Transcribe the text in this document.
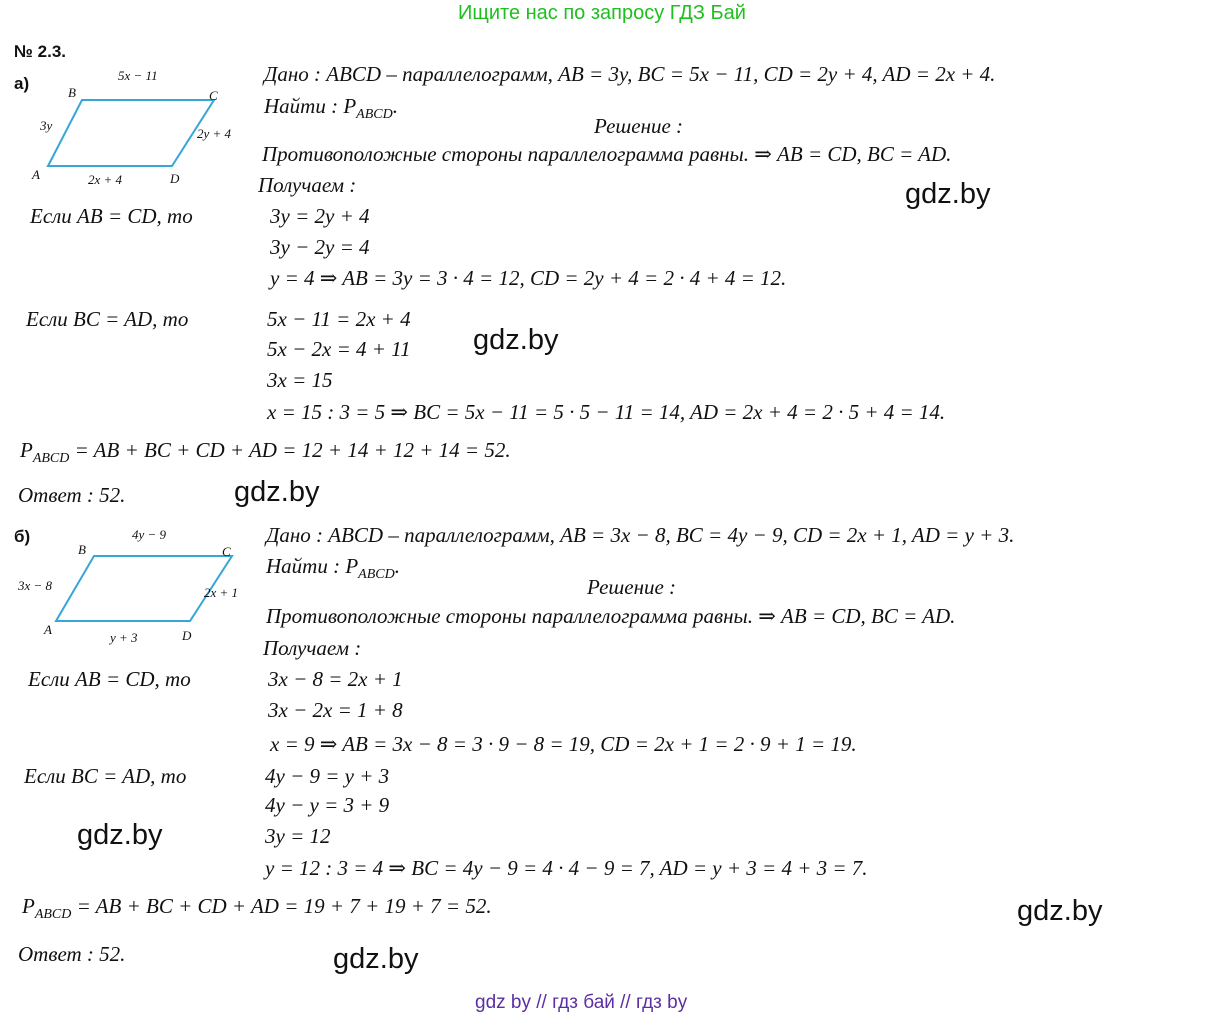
Ищите нас по запросу ГДЗ Бай
№ 2.3.
а)	5x − 11
3y
2y + 4
2x + 4
B	C
A	D
Дано : ABCD – параллелограмм, AB = 3y, BC = 5x − 11, CD = 2y + 4, AD = 2x + 4.
Найти : $P_{ABCD}$.
Решение :
Противоположные стороны параллелограмма равны. ⇒ AB = CD, BC = AD.
Получаем :
Если AB = CD, то	3y = 2y + 4
3y − 2y = 4
y = 4 ⇒ AB = 3y = 3 · 4 = 12, CD = 2y + 4 = 2 · 4 + 4 = 12.
Если BC = AD, то	5x − 11 = 2x + 4
5x − 2x = 4 + 11
3x = 15
x = 15 : 3 = 5 ⇒ BC = 5x − 11 = 5 · 5 − 11 = 14, AD = 2x + 4 = 2 · 5 + 4 = 14.
$P_{ABCD}$ = AB + BC + CD + AD = 12 + 14 + 12 + 14 = 52.
Ответ : 52.
gdz.by
gdz.by
gdz.by
б)	4y − 9
3x − 8	2x + 1
y + 3
B	C
A	D
Дано : ABCD – параллелограмм, AB = 3x − 8, BC = 4y − 9, CD = 2x + 1, AD = y + 3.
Найти : $P_{ABCD}$.
Решение :
Противоположные стороны параллелограмма равны. ⇒ AB = CD, BC = AD.
Получаем :
Если AB = CD, то	3x − 8 = 2x + 1
3x − 2x = 1 + 8
x = 9 ⇒ AB = 3x − 8 = 3 · 9 − 8 = 19, CD = 2x + 1 = 2 · 9 + 1 = 19.
Если BC = AD, то	4y − 9 = y + 3
4y − y = 3 + 9
3y = 12
y = 12 : 3 = 4 ⇒ BC = 4y − 9 = 4 · 4 − 9 = 7, AD = y + 3 = 4 + 3 = 7.
$P_{ABCD}$ = AB + BC + CD + AD = 19 + 7 + 19 + 7 = 52.
Ответ : 52.
gdz.by
gdz.by
gdz.by
gdz by // гдз бай // гдз by
